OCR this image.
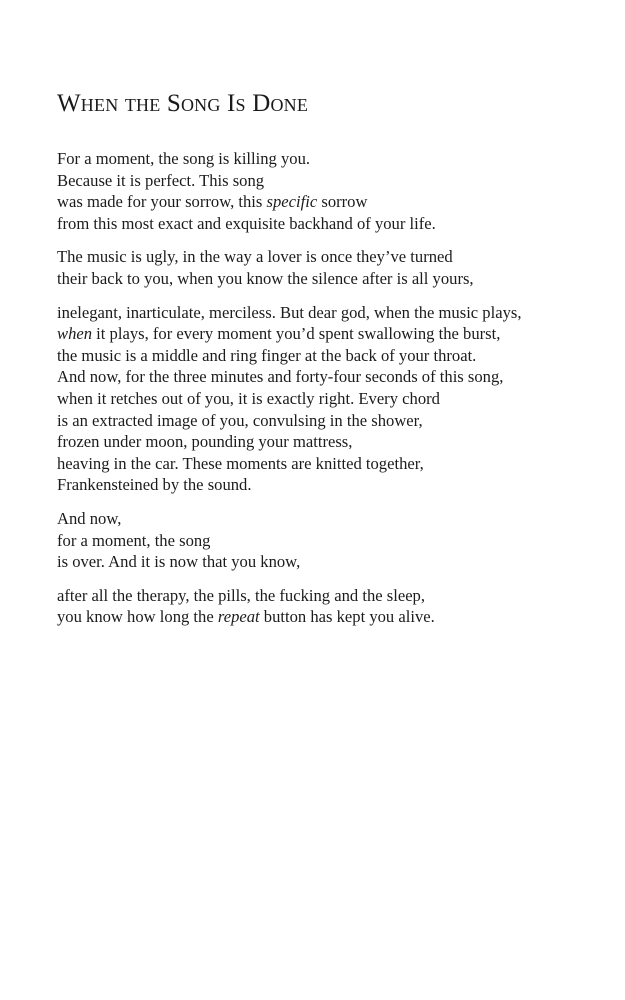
When the Song Is Done
For a moment, the song is killing you.
Because it is perfect. This song
was made for your sorrow, this specific sorrow
from this most exact and exquisite backhand of your life.
The music is ugly, in the way a lover is once they’ve turned
their back to you, when you know the silence after is all yours,
inelegant, inarticulate, merciless. But dear god, when the music plays,
when it plays, for every moment you’d spent swallowing the burst,
the music is a middle and ring finger at the back of your throat.
And now, for the three minutes and forty-four seconds of this song,
when it retches out of you, it is exactly right. Every chord
is an extracted image of you, convulsing in the shower,
frozen under moon, pounding your mattress,
heaving in the car. These moments are knitted together,
Frankensteined by the sound.
And now,
for a moment, the song
is over. And it is now that you know,
after all the therapy, the pills, the fucking and the sleep,
you know how long the repeat button has kept you alive.
